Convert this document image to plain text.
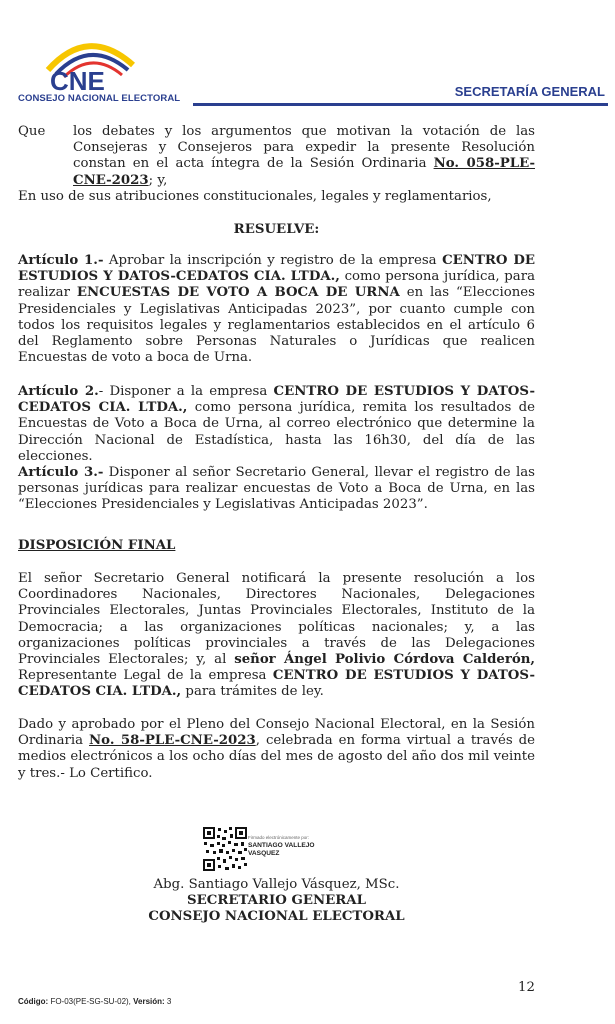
CNE
CONSEJO NACIONAL ELECTORAL	SECRETARÍA GENERAL
Que los debates y los argumentos que motivan la votación de las Consejeras y Consejeros para expedir la presente Resolución constan en el acta íntegra de la Sesión Ordinaria No. 058-PLE-CNE-2023; y,
En uso de sus atribuciones constitucionales, legales y reglamentarios,
RESUELVE:
Artículo 1.- Aprobar la inscripción y registro de la empresa CENTRO DE ESTUDIOS Y DATOS-CEDATOS CIA. LTDA., como persona jurídica, para realizar ENCUESTAS DE VOTO A BOCA DE URNA en las “Elecciones Presidenciales y Legislativas Anticipadas 2023”, por cuanto cumple con todos los requisitos legales y reglamentarios establecidos en el artículo 6 del Reglamento sobre Personas Naturales o Jurídicas que realicen Encuestas de voto a boca de Urna.
Artículo 2.- Disponer a la empresa CENTRO DE ESTUDIOS Y DATOS-CEDATOS CIA. LTDA., como persona jurídica, remita los resultados de Encuestas de Voto a Boca de Urna, al correo electrónico que determine la Dirección Nacional de Estadística, hasta las 16h30, del día de las elecciones.
Artículo 3.- Disponer al señor Secretario General, llevar el registro de las personas jurídicas para realizar encuestas de Voto a Boca de Urna, en las “Elecciones Presidenciales y Legislativas Anticipadas 2023”.
DISPOSICIÓN FINAL
El señor Secretario General notificará la presente resolución a los Coordinadores Nacionales, Directores Nacionales, Delegaciones Provinciales Electorales, Juntas Provinciales Electorales, Instituto de la Democracia; a las organizaciones políticas nacionales; y, a las organizaciones políticas provinciales a través de las Delegaciones Provinciales Electorales; y, al señor Ángel Polivio Córdova Calderón, Representante Legal de la empresa CENTRO DE ESTUDIOS Y DATOS-CEDATOS CIA. LTDA., para trámites de ley.
Dado y aprobado por el Pleno del Consejo Nacional Electoral, en la Sesión Ordinaria No. 58-PLE-CNE-2023, celebrada en forma virtual a través de medios electrónicos a los ocho días del mes de agosto del año dos mil veinte y tres.- Lo Certifico.
Firmado electrónicamente por:
SANTIAGO VALLEJO
VASQUEZ
Abg. Santiago Vallejo Vásquez, MSc.
SECRETARIO GENERAL
CONSEJO NACIONAL ELECTORAL
12
Código: FO-03(PE-SG-SU-02), Versión: 3
